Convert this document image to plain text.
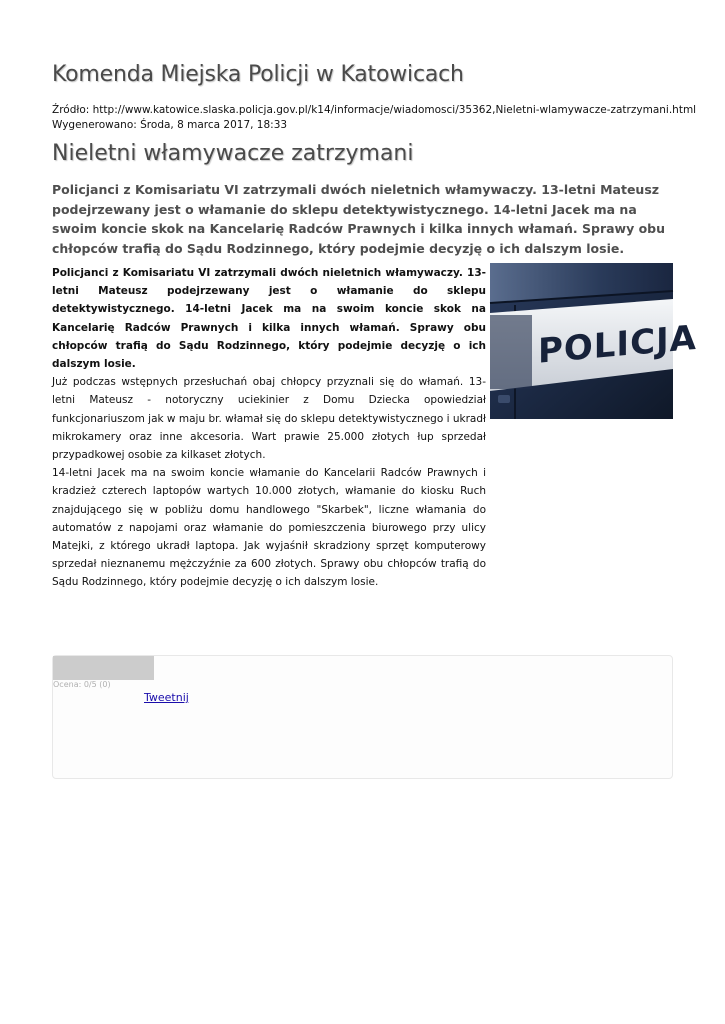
Komenda Miejska Policji w Katowicach
Źródło: http://www.katowice.slaska.policja.gov.pl/k14/informacje/wiadomosci/35362,Nieletni-wlamywacze-zatrzymani.html
Wygenerowano: Środa, 8 marca 2017, 18:33
Nieletni włamywacze zatrzymani

Policjanci z Komisariatu VI zatrzymali dwóch nieletnich włamywaczy. 13-letni Mateusz podejrzewany jest o włamanie do sklepu detektywistycznego. 14-letni Jacek ma na swoim koncie skok na Kancelarię Radców Prawnych i kilka innych włamań. Sprawy obu chłopców trafią do Sądu Rodzinnego, który podejmie decyzję o ich dalszym losie.

POLICJA

Policjanci z Komisariatu VI zatrzymali dwóch nieletnich włamywaczy. 13-letni Mateusz podejrzewany jest o włamanie do sklepu detektywistycznego. 14-letni Jacek ma na swoim koncie skok na Kancelarię Radców Prawnych i kilka innych włamań. Sprawy obu chłopców trafią do Sądu Rodzinnego, który podejmie decyzję o ich dalszym losie.

Już podczas wstępnych przesłuchań obaj chłopcy przyznali się do włamań. 13-letni Mateusz - notoryczny uciekinier z Domu Dziecka opowiedział funkcjonariuszom jak w maju br. włamał się do sklepu detektywistycznego i ukradł mikrokamery oraz inne akcesoria. Wart prawie 25.000 złotych łup sprzedał przypadkowej osobie za kilkaset złotych.

14-letni Jacek ma na swoim koncie włamanie do Kancelarii Radców Prawnych i kradzież czterech laptopów wartych 10.000 złotych, włamanie do kiosku Ruch znajdującego się w pobliżu domu handlowego "Skarbek", liczne włamania do automatów z napojami oraz włamanie do pomieszczenia biurowego przy ulicy Matejki, z którego ukradł laptopa. Jak wyjaśnił skradziony sprzęt komputerowy sprzedał nieznanemu mężczyźnie za 600 złotych. Sprawy obu chłopców trafią do Sądu Rodzinnego, który podejmie decyzję o ich dalszym losie.

Ocena: 0/5 (0)
Tweetnij
